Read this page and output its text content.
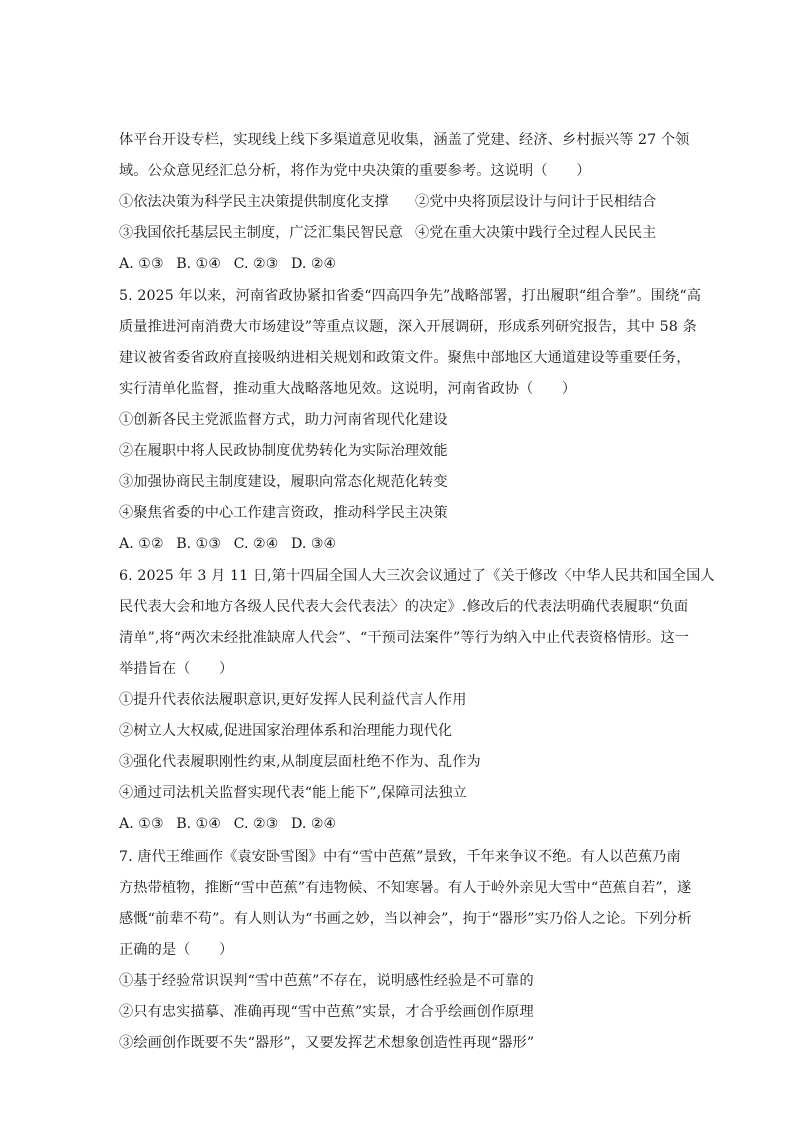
体平台开设专栏，实现线上线下多渠道意见收集，涵盖了党建、经济、乡村振兴等 27 个领
域。公众意见经汇总分析，将作为党中央决策的重要参考。这说明（　　）
①依法决策为科学民主决策提供制度化支撑 ②党中央将顶层设计与问计于民相结合
③我国依托基层民主制度，广泛汇集民智民意 ④党在重大决策中践行全过程人民民主
A. ①③ B. ①④ C. ②③ D. ②④
5. 2025 年以来，河南省政协紧扣省委“四高四争先”战略部署，打出履职“组合拳”。围绕“高
质量推进河南消费大市场建设”等重点议题，深入开展调研，形成系列研究报告，其中 58 条
建议被省委省政府直接吸纳进相关规划和政策文件。聚焦中部地区大通道建设等重要任务，
实行清单化监督，推动重大战略落地见效。这说明，河南省政协（　　）
①创新各民主党派监督方式，助力河南省现代化建设
②在履职中将人民政协制度优势转化为实际治理效能
③加强协商民主制度建设，履职向常态化规范化转变
④聚焦省委的中心工作建言资政，推动科学民主决策
A. ①② B. ①③ C. ②④ D. ③④
6. 2025 年 3 月 11 日,第十四届全国人大三次会议通过了《关于修改〈中华人民共和国全国人
民代表大会和地方各级人民代表大会代表法〉的决定》.修改后的代表法明确代表履职“负面
清单”,将“两次未经批准缺席人代会”、“干预司法案件”等行为纳入中止代表资格情形。这一
举措旨在（　　）
①提升代表依法履职意识,更好发挥人民利益代言人作用
②树立人大权威,促进国家治理体系和治理能力现代化
③强化代表履职刚性约束,从制度层面杜绝不作为、乱作为
④通过司法机关监督实现代表“能上能下”,保障司法独立
A. ①③ B. ①④ C. ②③ D. ②④
7. 唐代王维画作《袁安卧雪图》中有“雪中芭蕉”景致，千年来争议不绝。有人以芭蕉乃南
方热带植物，推断“雪中芭蕉”有违物候、不知寒暑。有人于岭外亲见大雪中“芭蕉自若”，遂
感慨“前辈不苟”。有人则认为“书画之妙，当以神会”，拘于“器形”实乃俗人之论。下列分析
正确的是（　　）
①基于经验常识误判“雪中芭蕉”不存在，说明感性经验是不可靠的
②只有忠实描摹、准确再现“雪中芭蕉”实景，才合乎绘画创作原理
③绘画创作既要不失“器形”，又要发挥艺术想象创造性再现“器形”
